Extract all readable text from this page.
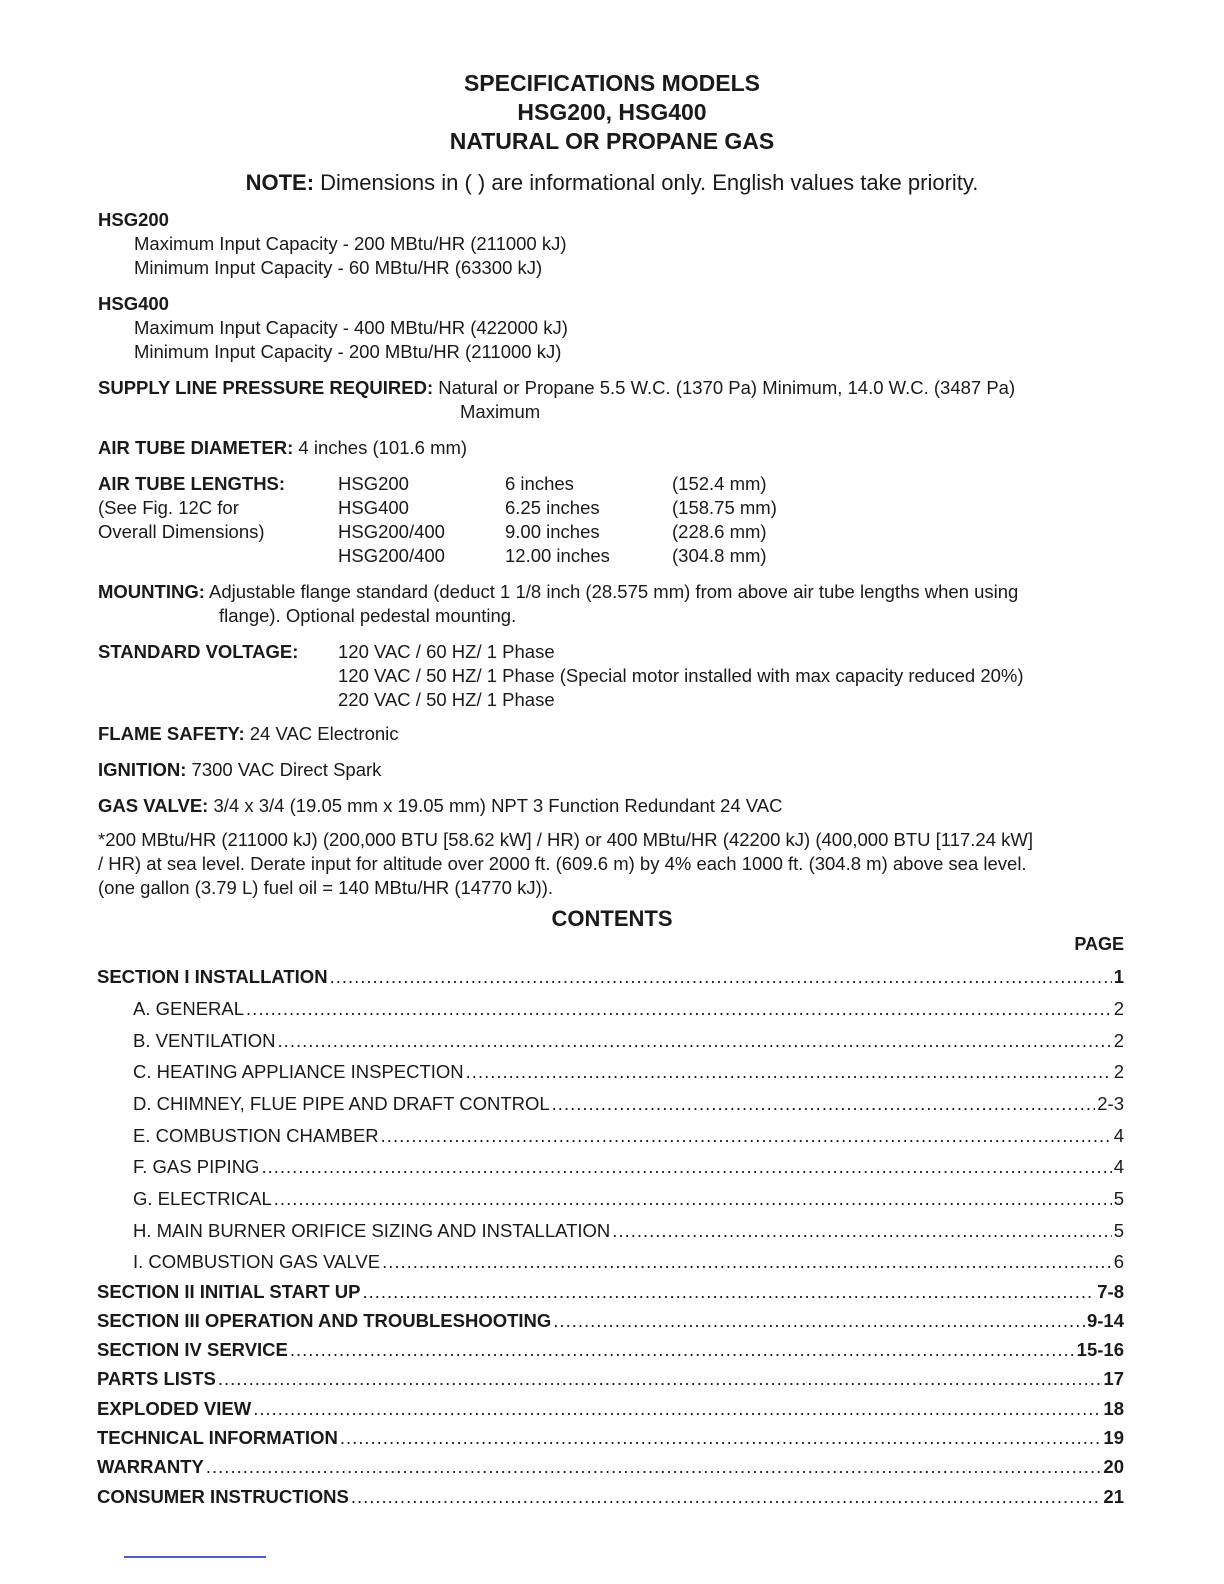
SPECIFICATIONS MODELS
HSG200, HSG400
NATURAL OR PROPANE GAS
NOTE: Dimensions in ( ) are informational only. English values take priority.
HSG200
Maximum Input Capacity - 200 MBtu/HR (211000 kJ)
Minimum Input Capacity - 60 MBtu/HR (63300 kJ)
HSG400
Maximum Input Capacity - 400 MBtu/HR (422000 kJ)
Minimum Input Capacity - 200 MBtu/HR (211000 kJ)
SUPPLY LINE PRESSURE REQUIRED: Natural or Propane 5.5 W.C. (1370 Pa) Minimum, 14.0 W.C. (3487 Pa)
Maximum
AIR TUBE DIAMETER: 4 inches (101.6 mm)
AIR TUBE LENGTHS:
(See Fig. 12C for
Overall Dimensions)
HSG200	6 inches	(152.4 mm)
HSG400	6.25 inches	(158.75 mm)
HSG200/400	9.00 inches	(228.6 mm)
HSG200/400	12.00 inches	(304.8 mm)
MOUNTING: Adjustable flange standard (deduct 1 1/8 inch (28.575 mm) from above air tube lengths when using
flange). Optional pedestal mounting.
STANDARD VOLTAGE: 120 VAC / 60 HZ/ 1 Phase
120 VAC / 50 HZ/ 1 Phase (Special motor installed with max capacity reduced 20%)
220 VAC / 50 HZ/ 1 Phase
FLAME SAFETY: 24 VAC Electronic
IGNITION: 7300 VAC Direct Spark
GAS VALVE: 3/4 x 3/4 (19.05 mm x 19.05 mm) NPT 3 Function Redundant 24 VAC
*200 MBtu/HR (211000 kJ) (200,000 BTU [58.62 kW] / HR) or 400 MBtu/HR (42200 kJ) (400,000 BTU [117.24 kW]
/ HR) at sea level. Derate input for altitude over 2000 ft. (609.6 m) by 4% each 1000 ft. (304.8 m) above sea level.
(one gallon (3.79 L) fuel oil = 140 MBtu/HR (14770 kJ)).
CONTENTS
PAGE
SECTION I INSTALLATION .....	1
A. GENERAL .....	2
B. VENTILATION .....	2
C. HEATING APPLIANCE INSPECTION .....	2
D. CHIMNEY, FLUE PIPE AND DRAFT CONTROL .....	2-3
E. COMBUSTION CHAMBER .....	4
F. GAS PIPING .....	4
G. ELECTRICAL .....	5
H. MAIN BURNER ORIFICE SIZING AND INSTALLATION .....	5
I. COMBUSTION GAS VALVE .....	6
SECTION II INITIAL START UP .....	7-8
SECTION III OPERATION AND TROUBLESHOOTING .....	9-14
SECTION IV SERVICE .....	15-16
PARTS LISTS .....	17
EXPLODED VIEW .....	18
TECHNICAL INFORMATION .....	19
WARRANTY .....	20
CONSUMER INSTRUCTIONS .....	21
